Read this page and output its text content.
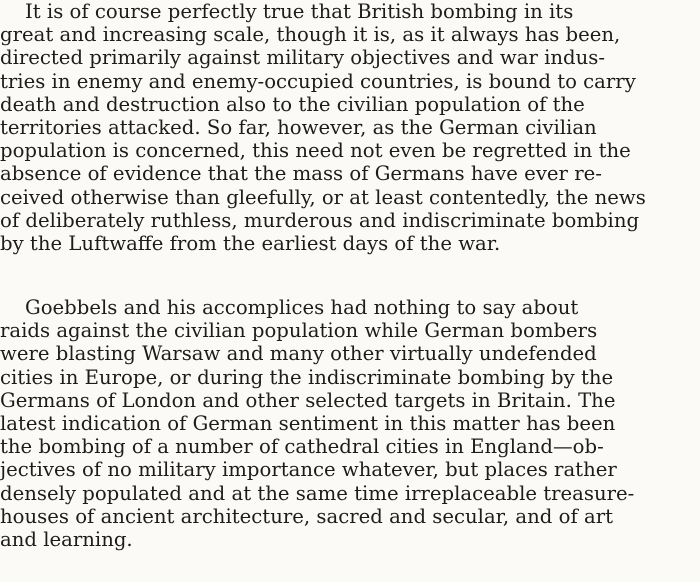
It is of course perfectly true that British bombing in its
great and increasing scale, though it is, as it always has been,
directed primarily against military objectives and war indus-
tries in enemy and enemy-occupied countries, is bound to carry
death and destruction also to the civilian population of the
territories attacked. So far, however, as the German civilian
population is concerned, this need not even be regretted in the
absence of evidence that the mass of Germans have ever re-
ceived otherwise than gleefully, or at least contentedly, the news
of deliberately ruthless, murderous and indiscriminate bombing
by the Luftwaffe from the earliest days of the war.
Goebbels and his accomplices had nothing to say about
raids against the civilian population while German bombers
were blasting Warsaw and many other virtually undefended
cities in Europe, or during the indiscriminate bombing by the
Germans of London and other selected targets in Britain. The
latest indication of German sentiment in this matter has been
the bombing of a number of cathedral cities in England—ob-
jectives of no military importance whatever, but places rather
densely populated and at the same time irreplaceable treasure-
houses of ancient architecture, sacred and secular, and of art
and learning.
